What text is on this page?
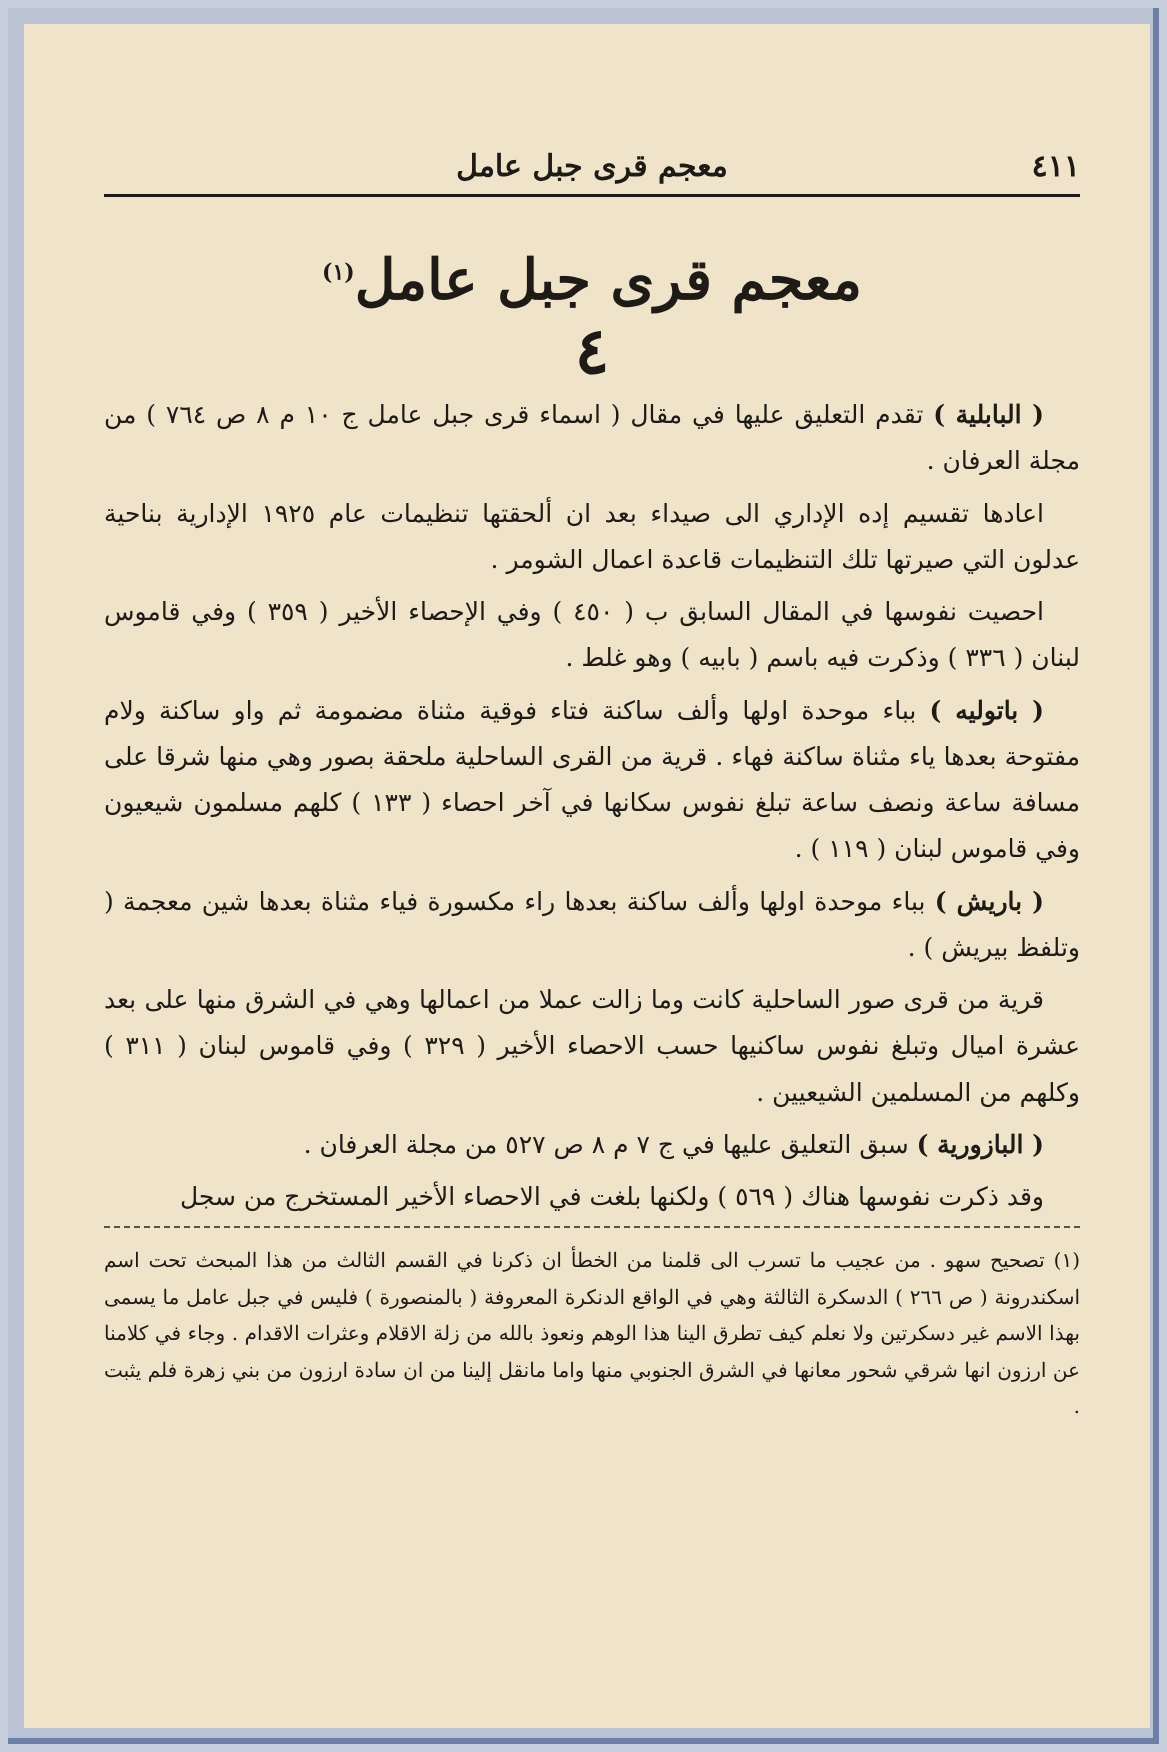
٤١١
معجم قرى جبل عامل
معجم قرى جبل عامل$^{(١)}$
٤

( البابلية ) تقدم التعليق عليها في مقال ( اسماء قرى جبل عامل ج ١٠ م ٨ ص ٧٦٤ ) من مجلة العرفان .

اعادها تقسيم إده الإداري الى صيداء بعد ان ألحقتها تنظيمات عام ١٩٢٥ الإدارية بناحية عدلون التي صيرتها تلك التنظيمات قاعدة اعمال الشومر .

احصيت نفوسها في المقال السابق ب ( ٤٥٠ ) وفي الإحصاء الأخير ( ٣٥٩ ) وفي قاموس لبنان ( ٣٣٦ ) وذكرت فيه باسم ( بابيه ) وهو غلط .

( باتوليه ) بباء موحدة اولها وألف ساكنة فتاء فوقية مثناة مضمومة ثم واو ساكنة ولام مفتوحة بعدها ياء مثناة ساكنة فهاء . قرية من القرى الساحلية ملحقة بصور وهي منها شرقا على مسافة ساعة ونصف ساعة تبلغ نفوس سكانها في آخر احصاء ( ١٣٣ ) كلهم مسلمون شيعيون وفي قاموس لبنان ( ١١٩ ) .

( باريش ) بباء موحدة اولها وألف ساكنة بعدها راء مكسورة فياء مثناة بعدها شين معجمة ( وتلفظ بيريش ) .

قرية من قرى صور الساحلية كانت وما زالت عملا من اعمالها وهي في الشرق منها على بعد عشرة اميال وتبلغ نفوس ساكنيها حسب الاحصاء الأخير ( ٣٢٩ ) وفي قاموس لبنان ( ٣١١ ) وكلهم من المسلمين الشيعيين .

( البازورية ) سبق التعليق عليها في ج ٧ م ٨ ص ٥٢٧ من مجلة العرفان .

وقد ذكرت نفوسها هناك ( ٥٦٩ ) ولكنها بلغت في الاحصاء الأخير المستخرج من سجل

(١) تصحيح سهو . من عجيب ما تسرب الى قلمنا من الخطأ ان ذكرنا في القسم الثالث من هذا المبحث تحت اسم اسكندرونة ( ص ٢٦٦ ) الدسكرة الثالثة وهي في الواقع الدنكرة المعروفة ( بالمنصورة ) فليس في جبل عامل ما يسمى بهذا الاسم غير دسكرتين ولا نعلم كيف تطرق الينا هذا الوهم ونعوذ بالله من زلة الاقلام وعثرات الاقدام . وجاء في كلامنا عن ارزون انها شرقي شحور معانها في الشرق الجنوبي منها واما مانقل إلينا من ان سادة ارزون من بني زهرة فلم يثبت .
